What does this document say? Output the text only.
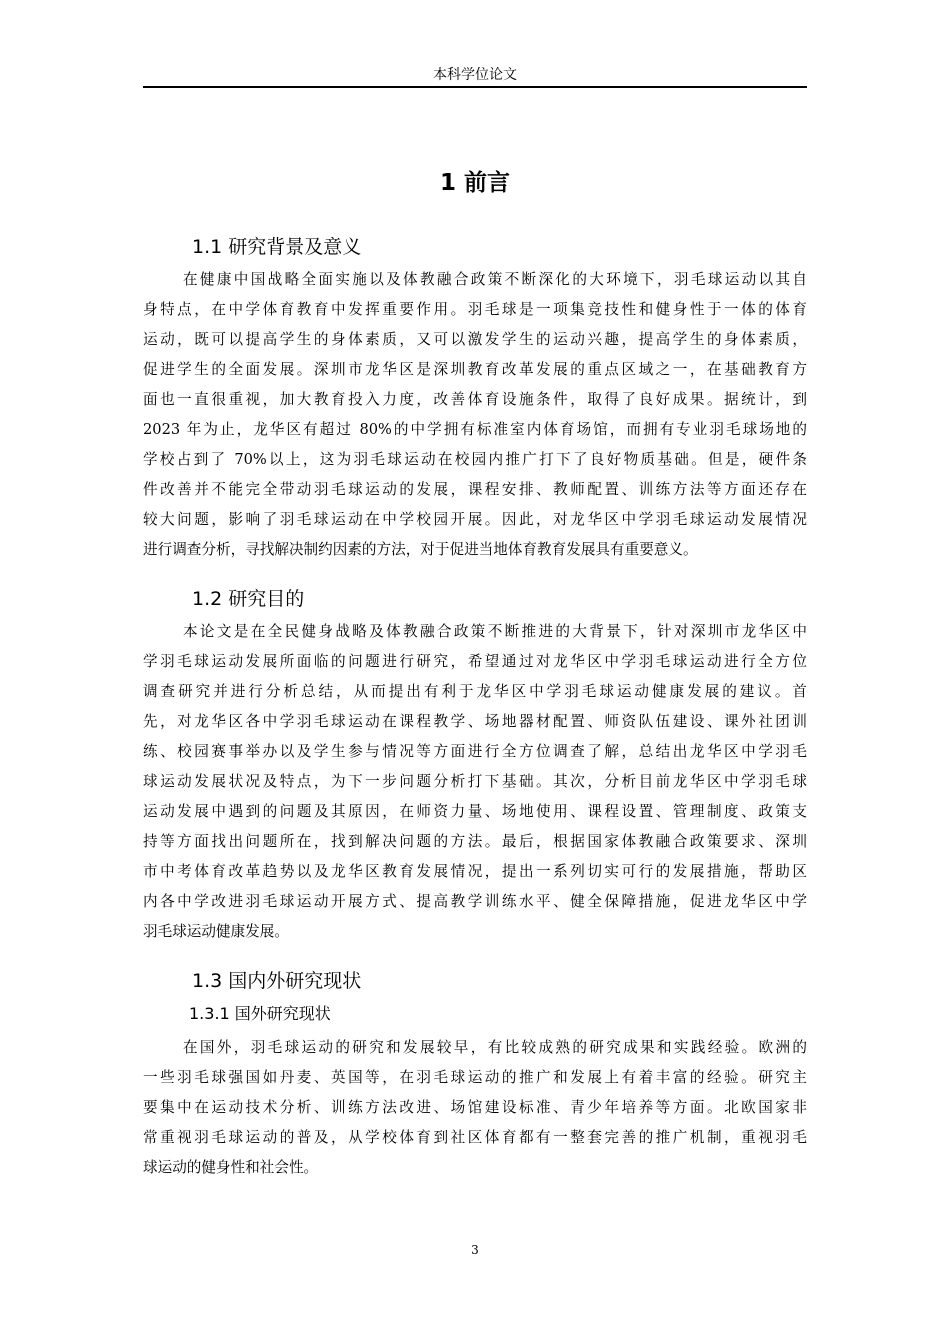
本科学位论文
1 前言
1.1 研究背景及意义
在健康中国战略全面实施以及体教融合政策不断深化的大环境下，羽毛球运动以其自
身特点，在中学体育教育中发挥重要作用。羽毛球是一项集竞技性和健身性于一体的体育
运动，既可以提高学生的身体素质，又可以激发学生的运动兴趣，提高学生的身体素质，
促进学生的全面发展。深圳市龙华区是深圳教育改革发展的重点区域之一，在基础教育方
面也一直很重视，加大教育投入力度，改善体育设施条件，取得了良好成果。据统计，到
2023 年为止，龙华区有超过 80%的中学拥有标准室内体育场馆，而拥有专业羽毛球场地的
学校占到了 70%以上，这为羽毛球运动在校园内推广打下了良好物质基础。但是，硬件条
件改善并不能完全带动羽毛球运动的发展，课程安排、教师配置、训练方法等方面还存在
较大问题，影响了羽毛球运动在中学校园开展。因此，对龙华区中学羽毛球运动发展情况
进行调查分析，寻找解决制约因素的方法，对于促进当地体育教育发展具有重要意义。
1.2 研究目的
本论文是在全民健身战略及体教融合政策不断推进的大背景下，针对深圳市龙华区中
学羽毛球运动发展所面临的问题进行研究，希望通过对龙华区中学羽毛球运动进行全方位
调查研究并进行分析总结，从而提出有利于龙华区中学羽毛球运动健康发展的建议。首
先，对龙华区各中学羽毛球运动在课程教学、场地器材配置、师资队伍建设、课外社团训
练、校园赛事举办以及学生参与情况等方面进行全方位调查了解，总结出龙华区中学羽毛
球运动发展状况及特点，为下一步问题分析打下基础。其次，分析目前龙华区中学羽毛球
运动发展中遇到的问题及其原因，在师资力量、场地使用、课程设置、管理制度、政策支
持等方面找出问题所在，找到解决问题的方法。最后，根据国家体教融合政策要求、深圳
市中考体育改革趋势以及龙华区教育发展情况，提出一系列切实可行的发展措施，帮助区
内各中学改进羽毛球运动开展方式、提高教学训练水平、健全保障措施，促进龙华区中学
羽毛球运动健康发展。
1.3 国内外研究现状
1.3.1 国外研究现状
在国外，羽毛球运动的研究和发展较早，有比较成熟的研究成果和实践经验。欧洲的
一些羽毛球强国如丹麦、英国等，在羽毛球运动的推广和发展上有着丰富的经验。研究主
要集中在运动技术分析、训练方法改进、场馆建设标准、青少年培养等方面。北欧国家非
常重视羽毛球运动的普及，从学校体育到社区体育都有一整套完善的推广机制，重视羽毛
球运动的健身性和社会性。
3
